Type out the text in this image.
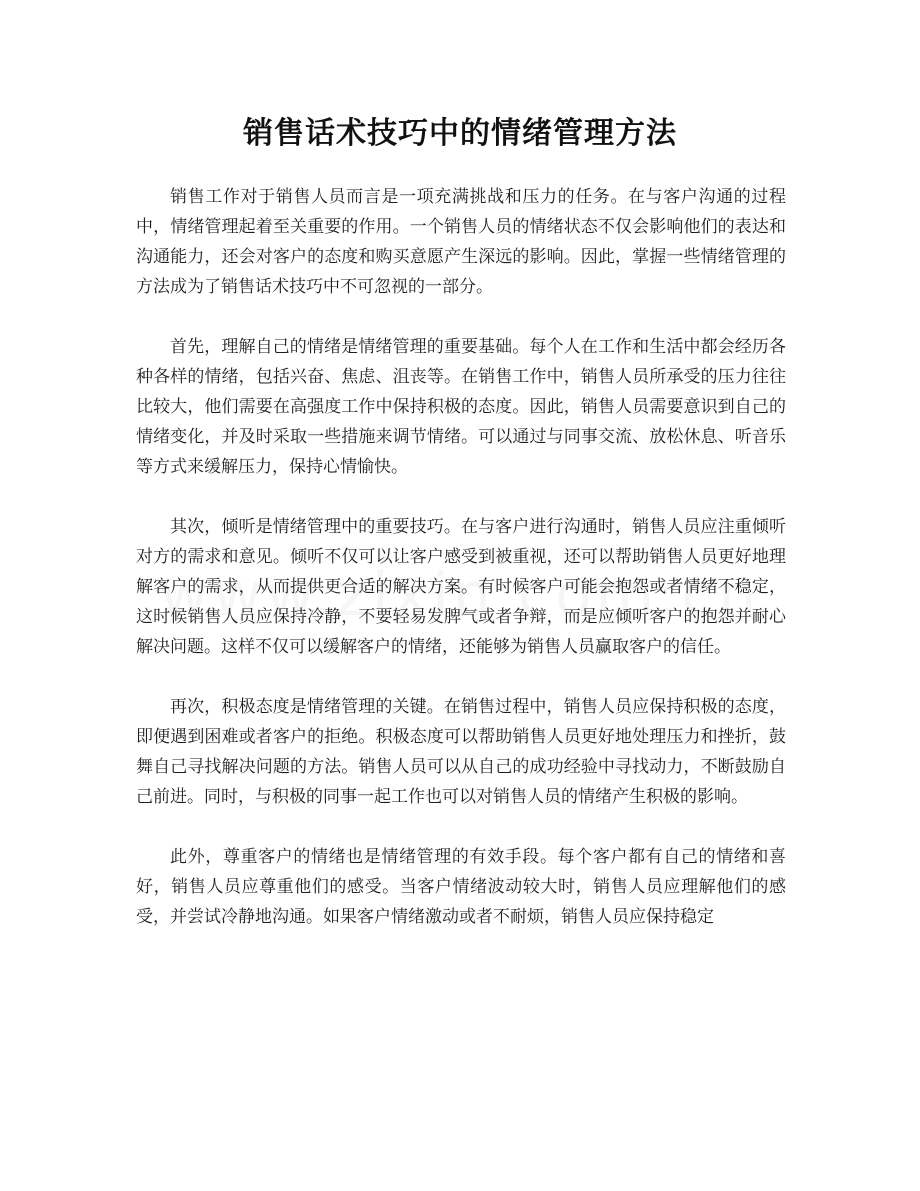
销售话术技巧中的情绪管理方法

销售工作对于销售人员而言是一项充满挑战和压力的任务。在与客户沟通的过程中，情绪管理起着至关重要的作用。一个销售人员的情绪状态不仅会影响他们的表达和沟通能力，还会对客户的态度和购买意愿产生深远的影响。因此，掌握一些情绪管理的方法成为了销售话术技巧中不可忽视的一部分。

首先，理解自己的情绪是情绪管理的重要基础。每个人在工作和生活中都会经历各种各样的情绪，包括兴奋、焦虑、沮丧等。在销售工作中，销售人员所承受的压力往往比较大，他们需要在高强度工作中保持积极的态度。因此，销售人员需要意识到自己的情绪变化，并及时采取一些措施来调节情绪。可以通过与同事交流、放松休息、听音乐等方式来缓解压力，保持心情愉快。

其次，倾听是情绪管理中的重要技巧。在与客户进行沟通时，销售人员应注重倾听对方的需求和意见。倾听不仅可以让客户感受到被重视，还可以帮助销售人员更好地理解客户的需求，从而提供更合适的解决方案。有时候客户可能会抱怨或者情绪不稳定，这时候销售人员应保持冷静，不要轻易发脾气或者争辩，而是应倾听客户的抱怨并耐心解决问题。这样不仅可以缓解客户的情绪，还能够为销售人员赢取客户的信任。

再次，积极态度是情绪管理的关键。在销售过程中，销售人员应保持积极的态度，即便遇到困难或者客户的拒绝。积极态度可以帮助销售人员更好地处理压力和挫折，鼓舞自己寻找解决问题的方法。销售人员可以从自己的成功经验中寻找动力，不断鼓励自己前进。同时，与积极的同事一起工作也可以对销售人员的情绪产生积极的影响。

此外，尊重客户的情绪也是情绪管理的有效手段。每个客户都有自己的情绪和喜好，销售人员应尊重他们的感受。当客户情绪波动较大时，销售人员应理解他们的感受，并尝试冷静地沟通。如果客户情绪激动或者不耐烦，销售人员应保持稳定
